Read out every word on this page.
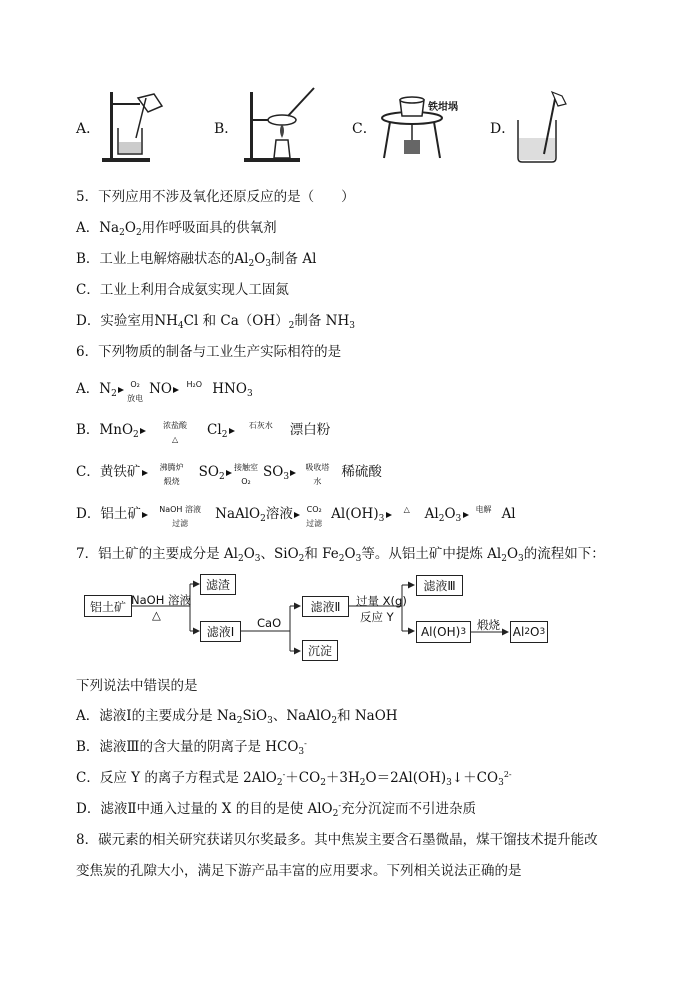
A．	B．	C．
铁坩埚
D．
5．下列应用不涉及氧化还原反应的是（　　）
A．$Na_2O_2$用作呼吸面具的供氧剂
B．工业上电解熔融状态的$Al_2O_3$制备 Al
C．工业上利用合成氨实现人工固氮
D．实验室用$NH_4Cl$ 和 $Ca(OH)_2$制备 $NH_3$
6．下列物质的制备与工业生产实际相符的是
A．$N_2$
O₂
放电
NO	H₂O $HNO_3$
B．MnO$_2$
浓盐酸
△
$Cl_2$
石灰水	漂白粉
C．黄铁矿	沸腾炉
煅烧
$SO_2$
接触室
O₂
$SO_3$
吸收塔
水
稀硫酸
D．铝土矿	NaOH 溶液
过滤
NaAlO$_2$溶液	CO₂
过滤
$Al(OH)_3$
△	$Al_2O_3$
电解 Al
7．铝土矿的主要成分是 $Al_2O_3$、SiO$_2$和 $Fe_2O_3$等。从铝土矿中提炼 $Al_2O_3$的流程如下：
铝土矿 NaOH 溶液
△
滤渣
滤液Ⅰ
CaO
滤液Ⅱ
沉淀
过量 X(g)
反应 Y
滤液Ⅲ
Al(OH) 3 煅烧 Al 2 O 3
下列说法中错误的是
A．滤液Ⅰ的主要成分是 $Na_2SiO_3$、NaAlO$_2$和 NaOH
B．滤液Ⅲ的含大量的阴离子是 $HCO_3^-$
C．反应 Y 的离子方程式是 $2AlO_2^-+CO_2+3H_2O=2Al(OH)_3↓+CO_3^{2-}$
D．滤液Ⅱ中通入过量的 X 的目的是使 AlO$_2$-充分沉淀而不引进杂质
8．碳元素的相关研究获诺贝尔奖最多。其中焦炭主要含石墨微晶，煤干馏技术提升能改
变焦炭的孔隙大小，满足下游产品丰富的应用要求。下列相关说法正确的是
